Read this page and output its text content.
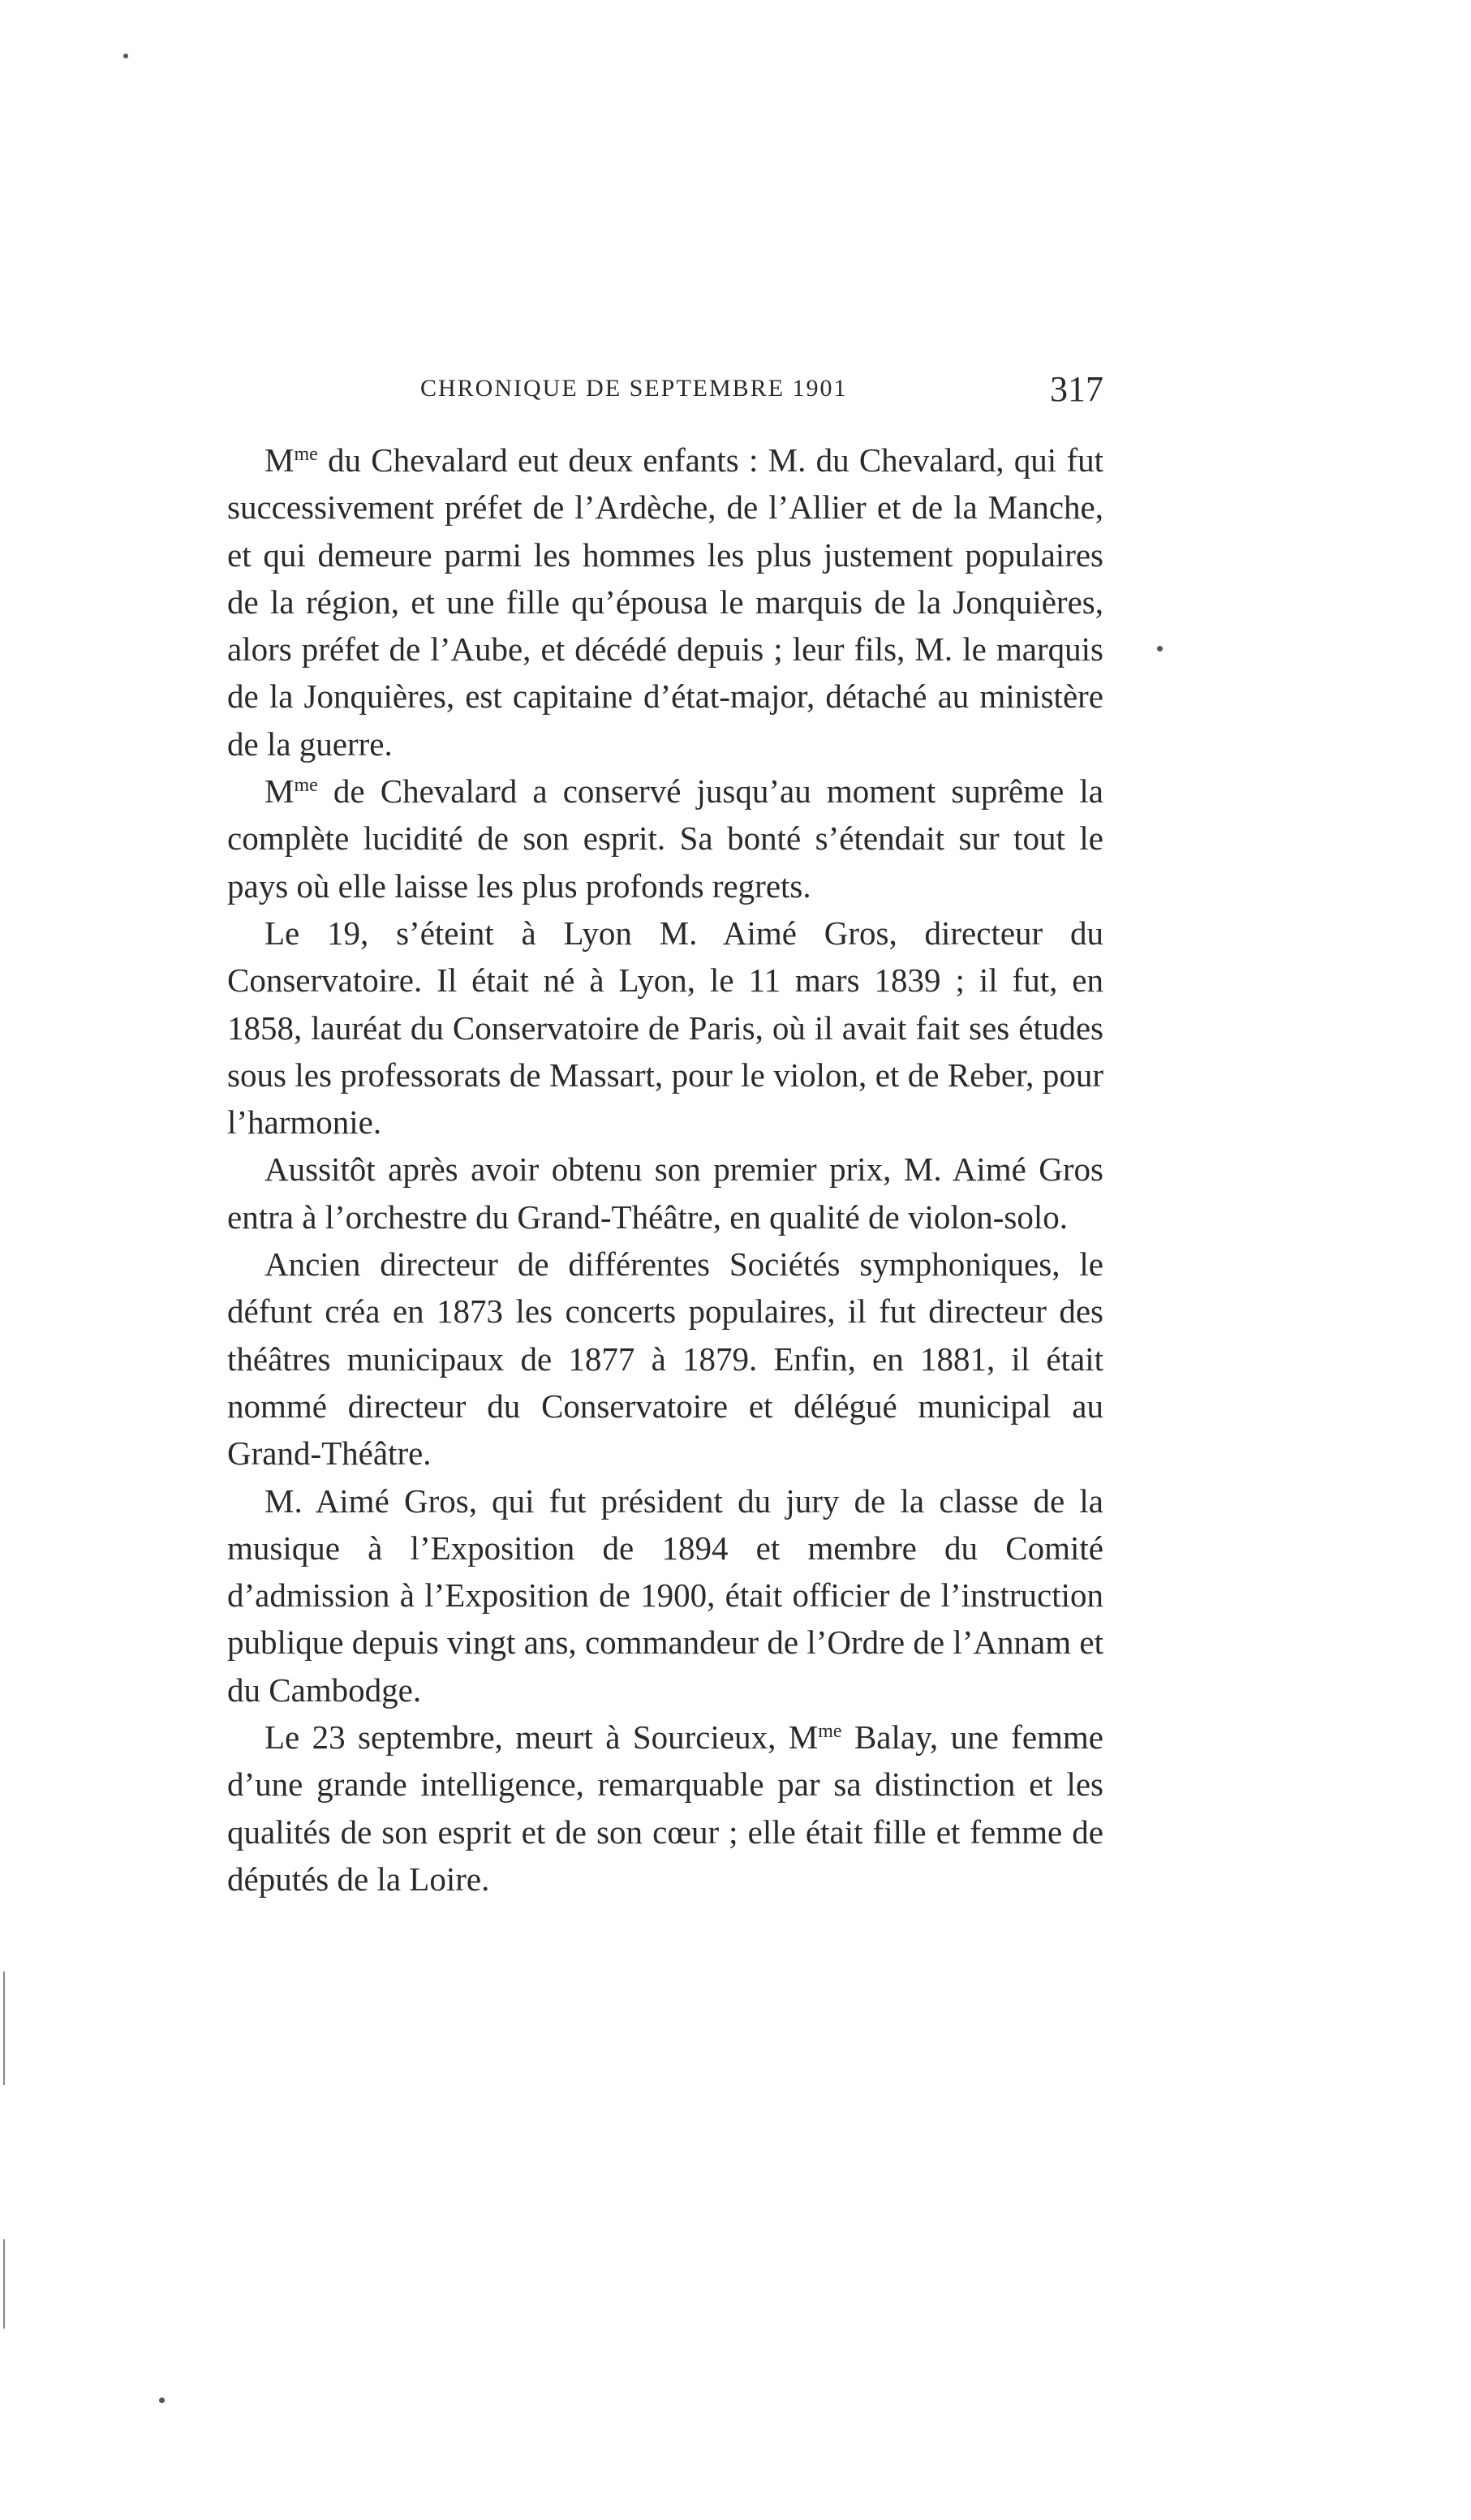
CHRONIQUE DE SEPTEMBRE 1901	317

$M^{me}$ du Chevalard eut deux enfants : M. du Chevalard, qui fut successivement préfet de l’Ardèche, de l’Allier et de la Manche, et qui demeure parmi les hommes les plus justement populaires de la région, et une fille qu’épousa le marquis de la Jonquières, alors préfet de l’Aube, et décédé depuis ; leur fils, M. le marquis de la Jonquières, est capitaine d’état-major, détaché au ministère de la guerre.

$M^{me}$ de Chevalard a conservé jusqu’au moment suprême la complète lucidité de son esprit. Sa bonté s’étendait sur tout le pays où elle laisse les plus profonds regrets.

Le 19, s’éteint à Lyon M. Aimé Gros, directeur du Conservatoire. Il était né à Lyon, le 11 mars 1839 ; il fut, en 1858, lauréat du Conservatoire de Paris, où il avait fait ses études sous les professorats de Massart, pour le violon, et de Reber, pour l’harmonie.

Aussitôt après avoir obtenu son premier prix, M. Aimé Gros entra à l’orchestre du Grand-Théâtre, en qualité de violon-solo.

Ancien directeur de différentes Sociétés symphoniques, le défunt créa en 1873 les concerts populaires, il fut directeur des théâtres municipaux de 1877 à 1879. Enfin, en 1881, il était nommé directeur du Conservatoire et délégué municipal au Grand-Théâtre.

M. Aimé Gros, qui fut président du jury de la classe de la musique à l’Exposition de 1894 et membre du Comité d’admission à l’Exposition de 1900, était officier de l’instruction publique depuis vingt ans, commandeur de l’Ordre de l’Annam et du Cambodge.

Le 23 septembre, meurt à Sourcieux, $M^{me}$ Balay, une femme d’une grande intelligence, remarquable par sa distinction et les qualités de son esprit et de son cœur ; elle était fille et femme de députés de la Loire.
